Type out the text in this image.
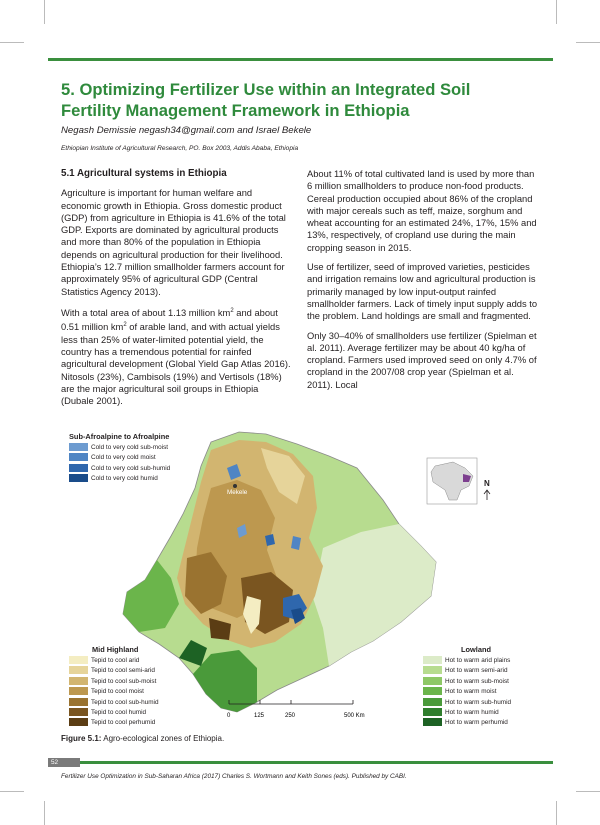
5. Optimizing Fertilizer Use within an Integrated Soil
Fertility Management Framework in Ethiopia
Negash Demissie negash34@gmail.com and Israel Bekele
Ethiopian Institute of Agricultural Research, PO. Box 2003, Addis Ababa, Ethiopia
5.1 Agricultural systems in Ethiopia

Agriculture is important for human welfare and economic growth in Ethiopia. Gross domestic product (GDP) from agriculture in Ethiopia is 41.6% of the total GDP. Exports are dominated by agricultural products and more than 80% of the population in Ethiopia depends on agricultural production for their livelihood. Ethiopia’s 12.7 million smallholder farmers account for approximately 95% of agricultural GDP (Central Statistics Agency 2013).

With a total area of about 1.13 million $km^2$ and about 0.51 million $km^2$ of arable land, and with actual yields less than 25% of water-limited potential yield, the country has a tremendous potential for rainfed agricultural development (Global Yield Gap Atlas 2016). Nitosols (23%), Cambisols (19%) and Vertisols (18%) are the major agricultural soil groups in Ethiopia (Dubale 2001).

About 11% of total cultivated land is used by more than 6 million smallholders to produce non-food products. Cereal production occupied about 86% of the cropland with major cereals such as teff, maize, sorghum and wheat accounting for an estimated 24%, 17%, 15% and 13%, respectively, of cropland use during the main cropping season in 2015.

Use of fertilizer, seed of improved varieties, pesticides and irrigation remains low and agricultural production is primarily managed by low input-output rainfed smallholder farmers. Lack of timely input supply adds to the problem. Land holdings are small and fragmented.

Only 30–40% of smallholders use fertilizer (Spielman et al. 2011). Average fertilizer may be about 40 kg/ha of cropland. Farmers used improved seed on only 4.7% of cropland in the 2007/08 crop year (Spielman et al. 2011). Local

Mekele
N
0	125	250	500 Km
Sub-Afroalpine to Afroalpine
Cold to very cold sub-moist
Cold to very cold moist
Cold to very cold sub-humid
Cold to very cold humid
Mid Highland
Tepid to cool arid
Tepid to cool semi-arid
Tepid to cool sub-moist
Tepid to cool moist
Tepid to cool sub-humid
Tepid to cool humid
Tepid to cool perhumid
Lowland
Hot to warm arid plains
Hot to warm semi-arid
Hot to warm sub-moist
Hot to warm moist
Hot to warm sub-humid
Hot to warm humid
Hot to warm perhumid
Figure 5.1: Agro-ecological zones of Ethiopia.
52
Fertilizer Use Optimization in Sub-Saharan Africa (2017) Charles S. Wortmann and Keith Sones (eds). Published by CABI.
